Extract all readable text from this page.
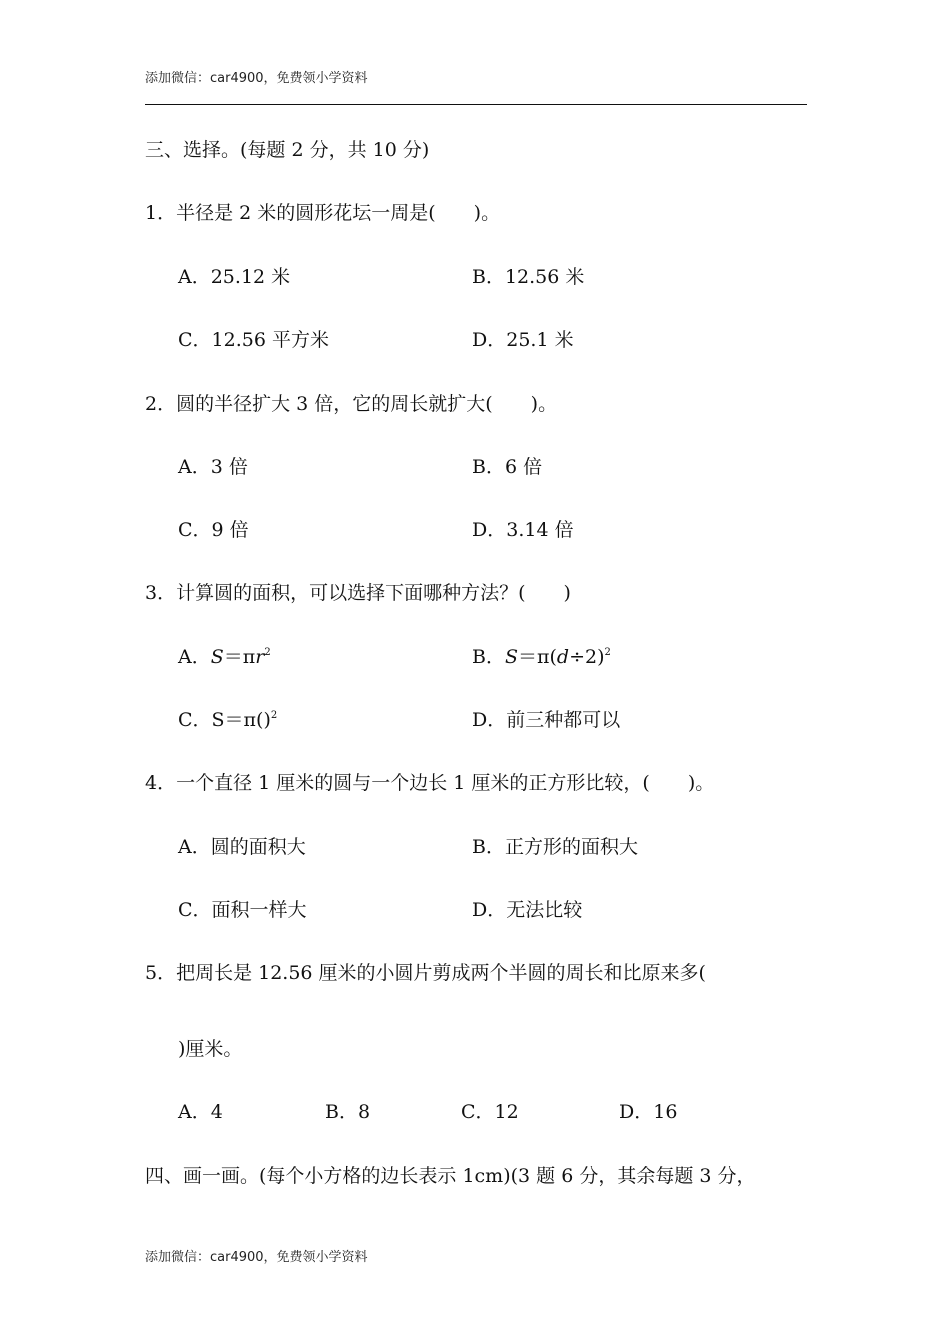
添加微信：car4900，免费领小学资料
三、选择。(每题 2 分，共 10 分)
1．半径是 2 米的圆形花坛一周是(　　)。
A．25.12 米	B．12.56 米
C．12.56 平方米	D．25.1 米
2．圆的半径扩大 3 倍，它的周长就扩大(　　)。
A．3 倍	B．6 倍
C．9 倍	D．3.14 倍
3．计算圆的面积，可以选择下面哪种方法？(　　)
A．$S=\pi r^2$	B．$S=\pi(d\div 2)^2$
C．S＝π()$^2$	D．前三种都可以
4．一个直径 1 厘米的圆与一个边长 1 厘米的正方形比较，(　　)。
A．圆的面积大	B．正方形的面积大
C．面积一样大	D．无法比较
5．把周长是 12.56 厘米的小圆片剪成两个半圆的周长和比原来多(
)厘米。
A．4	B．8	C．12	D．16
四、画一画。(每个小方格的边长表示 1cm)(3 题 6 分，其余每题 3 分，
添加微信：car4900，免费领小学资料
